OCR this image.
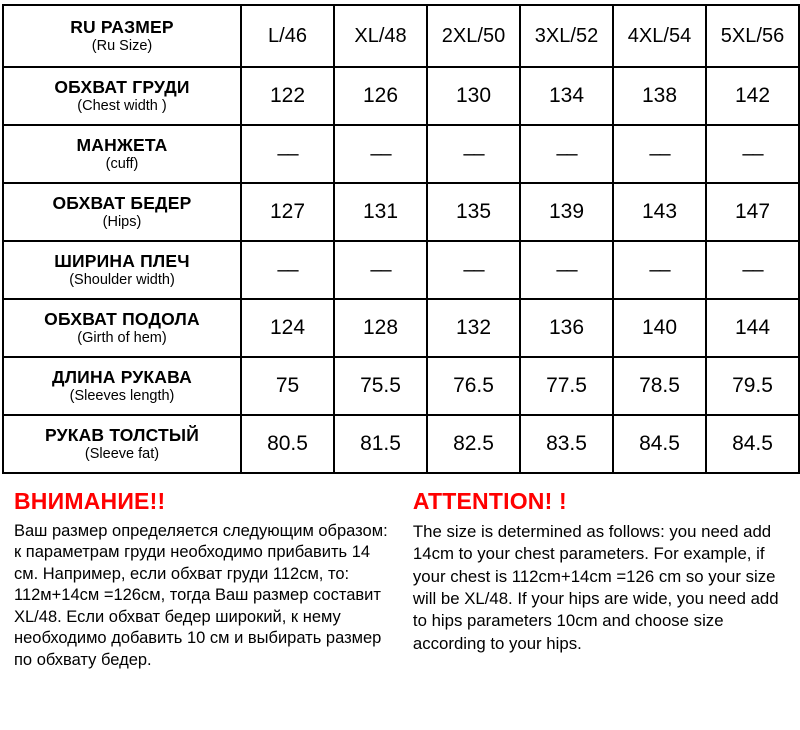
RU РАЗМЕР
(Ru Size)	L/46	XL/48	2XL/50	3XL/52	4XL/54	5XL/56

ОБХВАТ ГРУДИ
(Chest width )	122	126	130	134	138	142

МАНЖЕТА
(cuff)	––	––	––	––	––	––

ОБХВАТ БЕДЕР
(Hips)	127	131	135	139	143	147

ШИРИНА ПЛЕЧ
(Shoulder width)	––	––	––	––	––	––

ОБХВАТ ПОДОЛА
(Girth of hem)	124	128	132	136	140	144

ДЛИНА РУКАВА
(Sleeves length)	75	75.5	76.5	77.5	78.5	79.5

РУКАВ ТОЛСТЫЙ
(Sleeve fat)	80.5	81.5	82.5	83.5	84.5	84.5
ВНИМАНИЕ!!
Ваш размер определяется следующим образом: к параметрам груди необходимо прибавить 14 см. Например, если обхват груди 112см, то: 112м+14см =126см, тогда Ваш размер составит XL/48. Если обхват бедер широкий, к нему необходимо добавить 10 см и выбирать размер по обхвату бедер.
ATTENTION! !
The size is determined as follows: you need add 14cm to your chest parameters. For example, if your chest is 112cm+14cm =126 cm so your size will be XL/48. If your hips are wide, you need add to hips parameters 10cm and choose size according to your hips.
